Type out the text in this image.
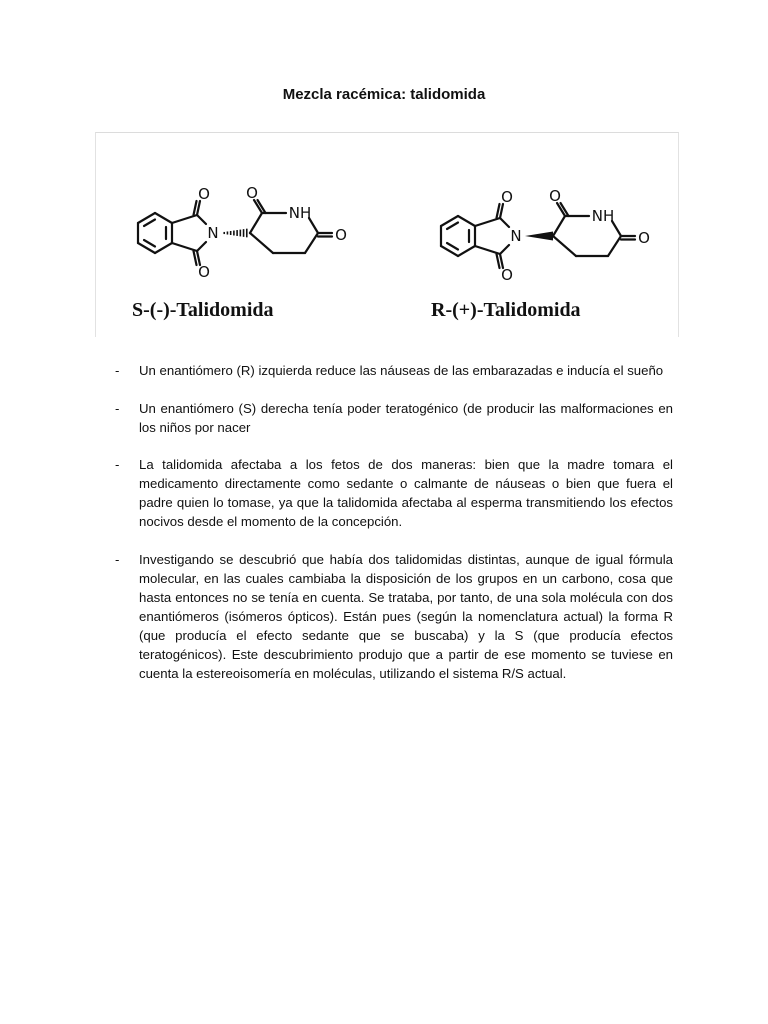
Mezcla racémica: talidomida
O
O
N
O
NH
O
O
O
N
O
NH
O
S-(-)-Talidomida	R-(+)-Talidomida
- Un enantiómero (R) izquierda reduce las náuseas de las embarazadas e inducía el sueño
- Un enantiómero (S) derecha tenía poder teratogénico (de producir las malformaciones en los niños por nacer
- La talidomida afectaba a los fetos de dos maneras: bien que la madre tomara el medicamento directamente como sedante o calmante de náuseas o bien que fuera el padre quien lo tomase, ya que la talidomida afectaba al esperma transmitiendo los efectos nocivos desde el momento de la concepción.
- Investigando se descubrió que había dos talidomidas distintas, aunque de igual fórmula molecular, en las cuales cambiaba la disposición de los grupos en un carbono, cosa que hasta entonces no se tenía en cuenta. Se trataba, por tanto, de una sola molécula con dos enantiómeros (isómeros ópticos). Están pues (según la nomenclatura actual) la forma R (que producía el efecto sedante que se buscaba) y la S (que producía efectos teratogénicos). Este descubrimiento produjo que a partir de ese momento se tuviese en cuenta la estereoisomería en moléculas, utilizando el sistema R/S actual.
